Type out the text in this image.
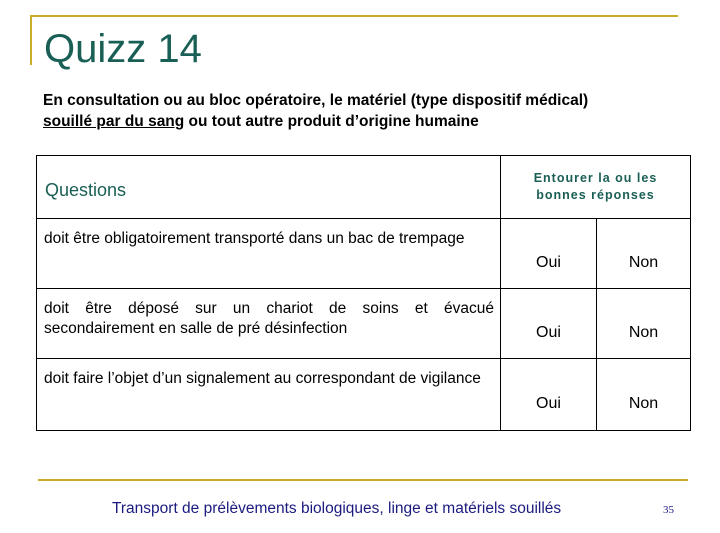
Quizz 14
En consultation ou au bloc opératoire, le matériel (type dispositif médical)
souillé par du sang ou tout autre produit d’origine humaine
Questions	Entourer la ou les
bonnes réponses	

doit être obligatoirement transporté dans un bac de trempage	Oui	Non
doit être déposé sur un chariot de soins et évacué secondairement en salle de pré désinfection	Oui	Non
doit faire l’objet d’un signalement au correspondant de vigilance	Oui	Non
Transport de prélèvements biologiques, linge et matériels souillés	35
